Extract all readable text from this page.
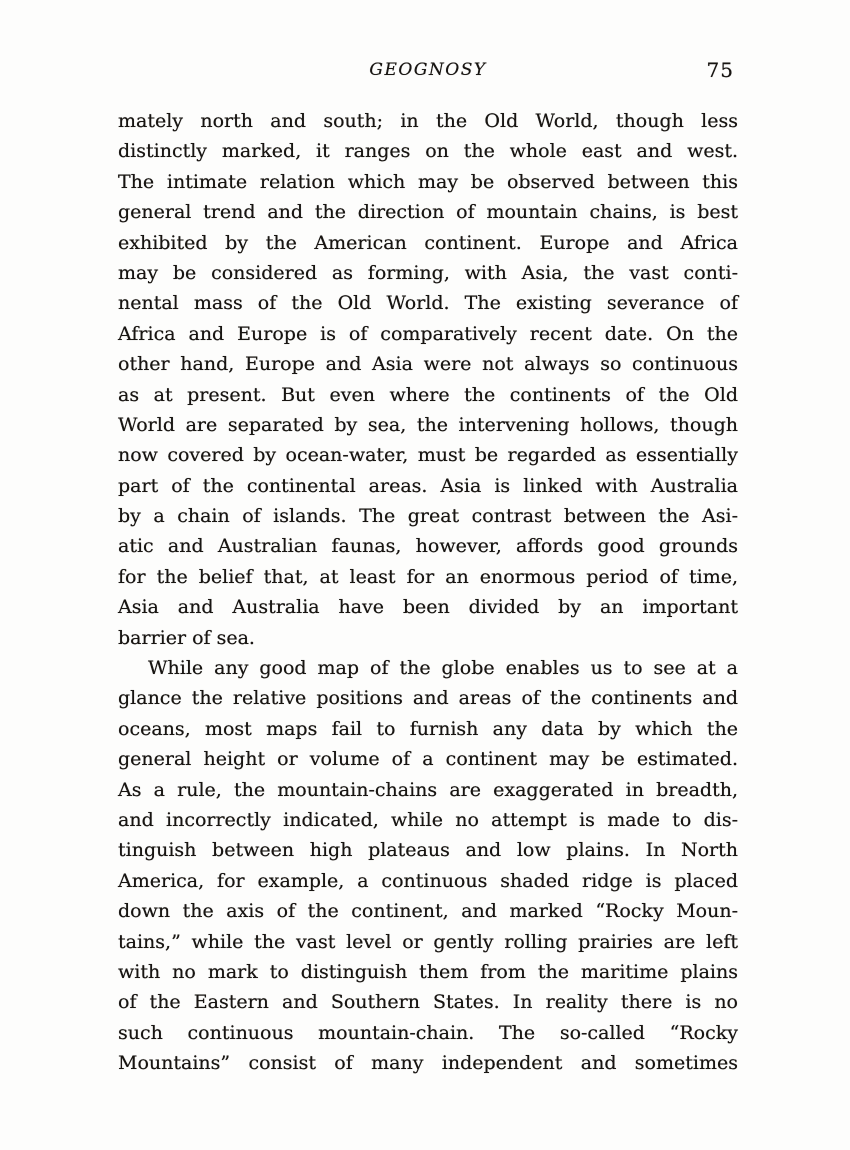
GEOGNOSY	75
mately north and south; in the Old World, though less
distinctly marked, it ranges on the whole east and west.
The intimate relation which may be observed between this
general trend and the direction of mountain chains, is best
exhibited by the American continent. Europe and Africa
may be considered as forming, with Asia, the vast conti-
nental mass of the Old World. The existing severance of
Africa and Europe is of comparatively recent date. On the
other hand, Europe and Asia were not always so continuous
as at present. But even where the continents of the Old
World are separated by sea, the intervening hollows, though
now covered by ocean-water, must be regarded as essentially
part of the continental areas. Asia is linked with Australia
by a chain of islands. The great contrast between the Asi-
atic and Australian faunas, however, affords good grounds
for the belief that, at least for an enormous period of time,
Asia and Australia have been divided by an important
barrier of sea.
While any good map of the globe enables us to see at a
glance the relative positions and areas of the continents and
oceans, most maps fail to furnish any data by which the
general height or volume of a continent may be estimated.
As a rule, the mountain-chains are exaggerated in breadth,
and incorrectly indicated, while no attempt is made to dis-
tinguish between high plateaus and low plains. In North
America, for example, a continuous shaded ridge is placed
down the axis of the continent, and marked “Rocky Moun-
tains,” while the vast level or gently rolling prairies are left
with no mark to distinguish them from the maritime plains
of the Eastern and Southern States. In reality there is no
such continuous mountain-chain. The so-called “Rocky
Mountains” consist of many independent and sometimes
